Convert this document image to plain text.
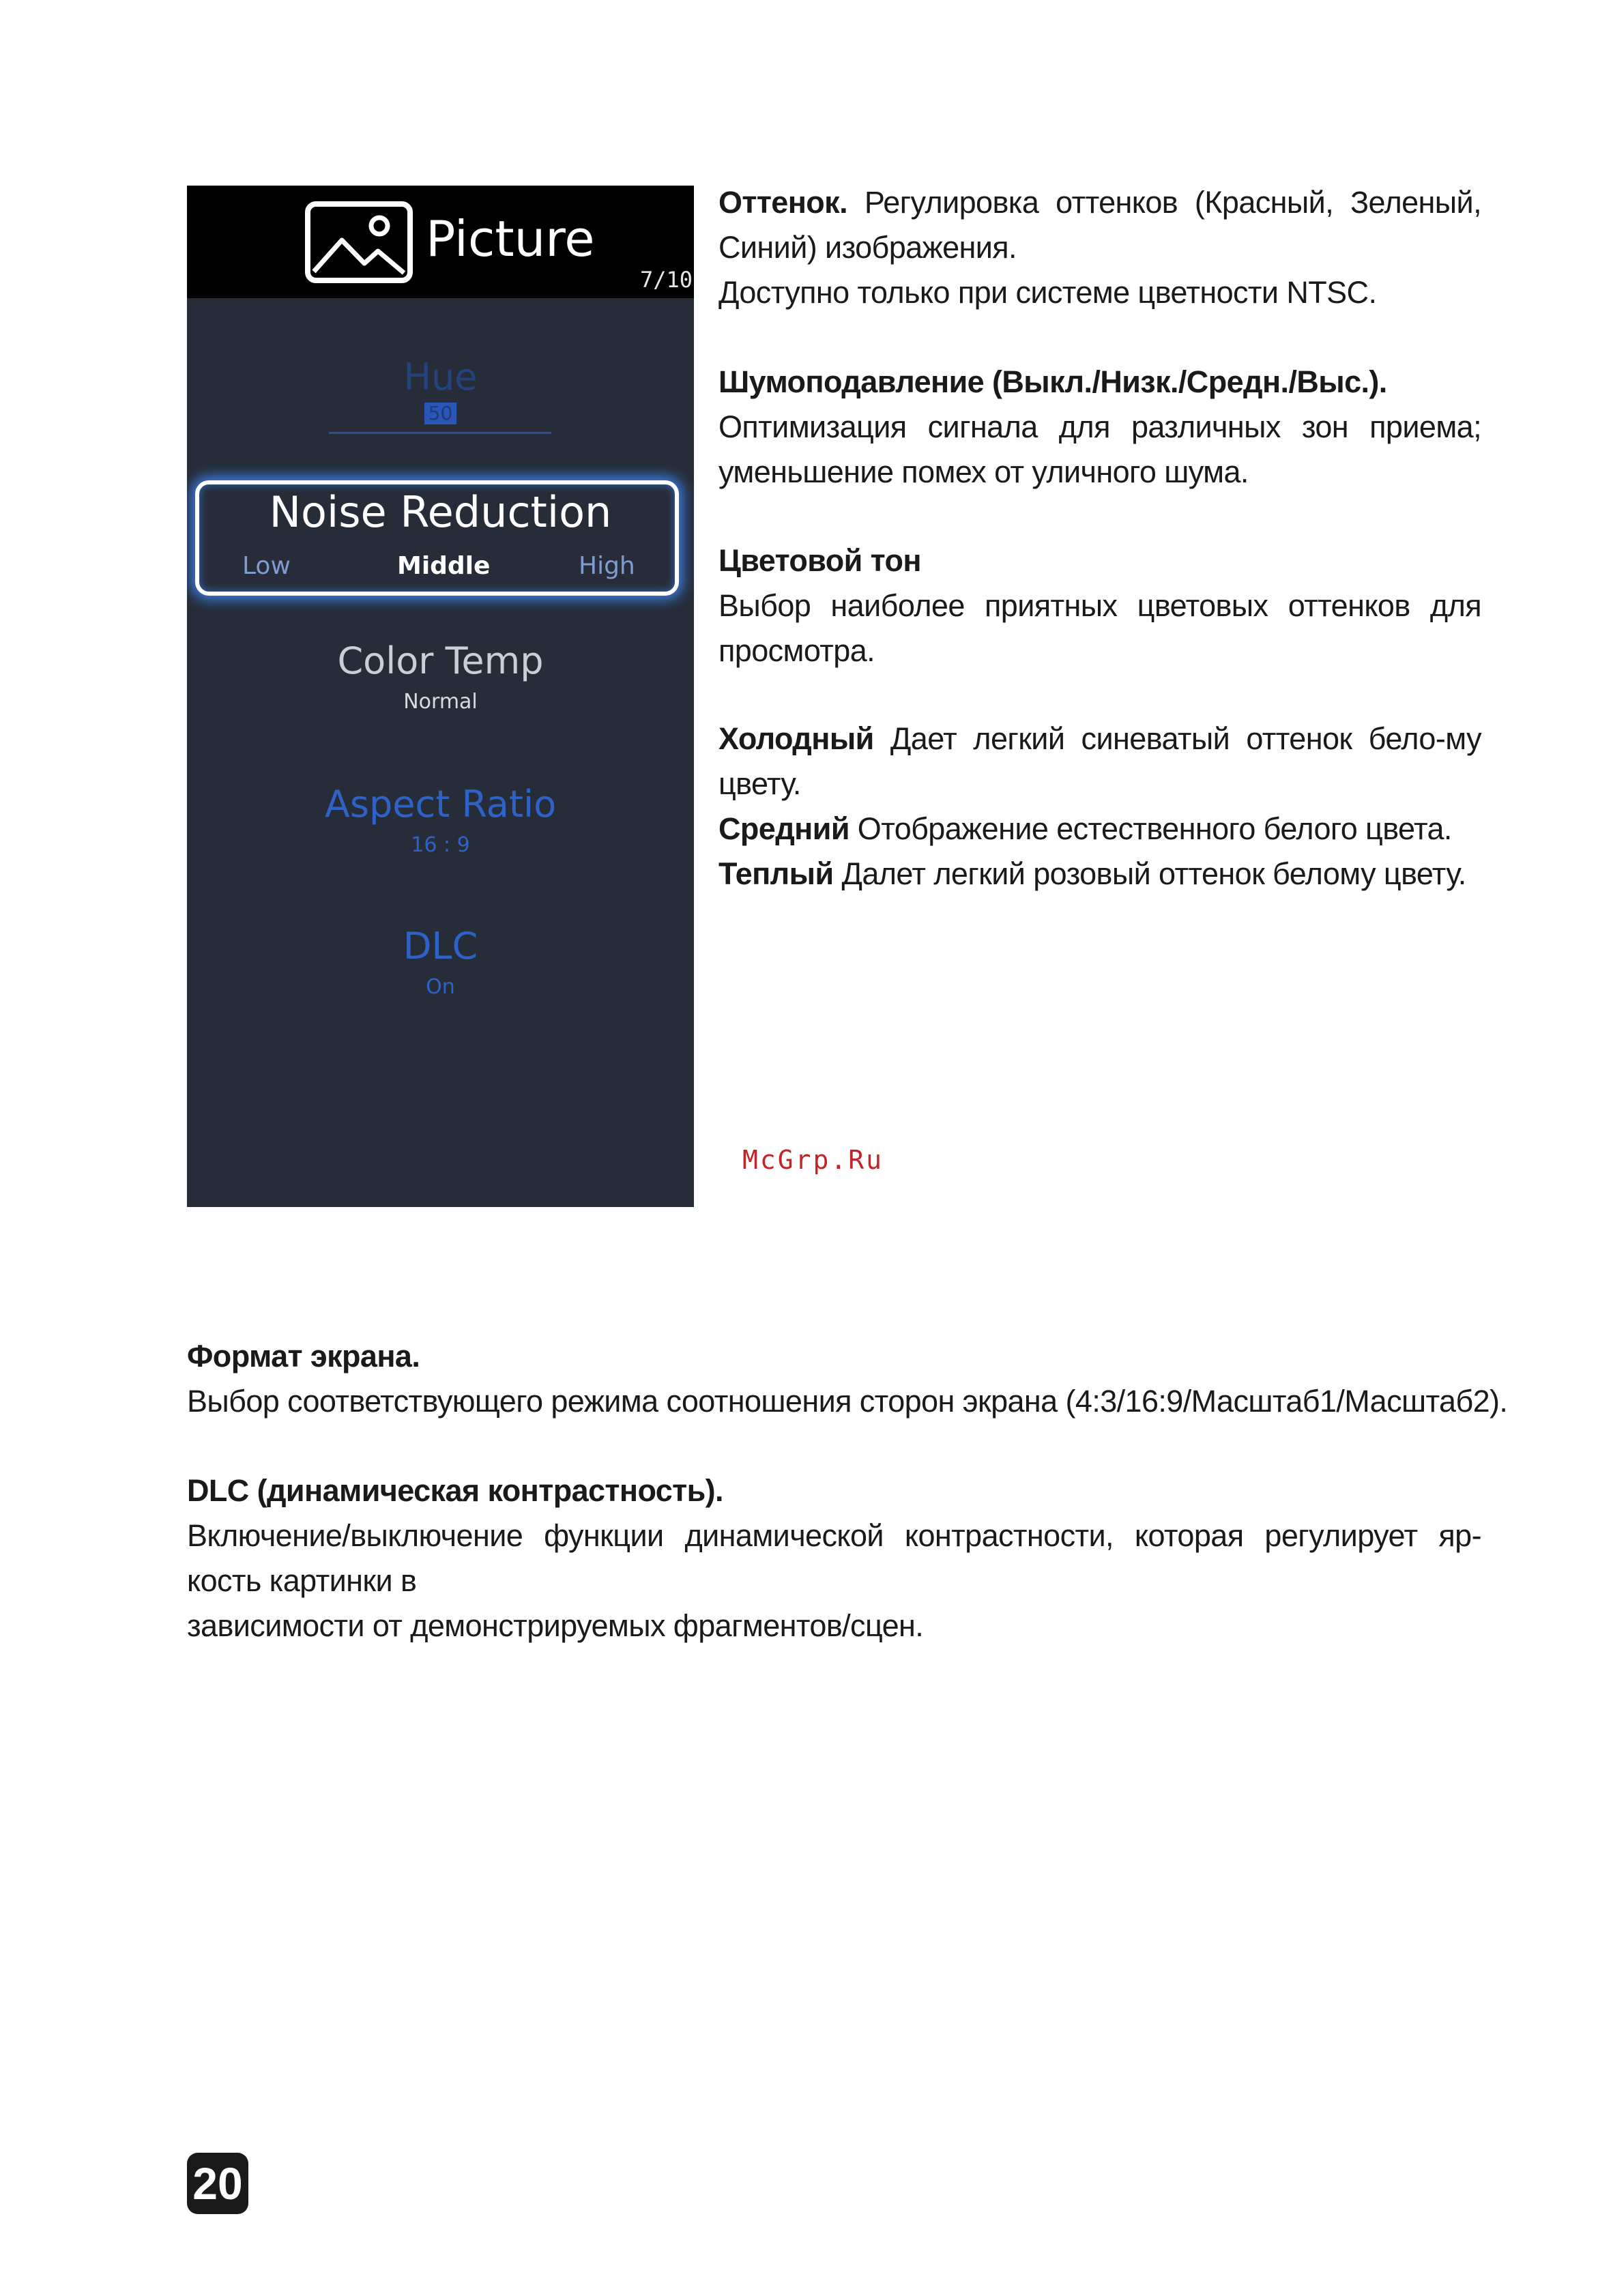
Picture
7/10
Hue
50
Noise Reduction
Low	Middle	High
Color Temp
Normal
Aspect Ratio
16 : 9
DLC
On
Оттенок. Регулировка оттенков (Красный, Зеленый, Синий) изображения.
Доступно только при системе цветности NTSC.
Шумоподавление (Выкл./Низк./Средн./Выс.).
Оптимизация сигнала для различных зон приема; уменьшение помех от уличного шума.
Цветовой тон
Выбор наиболее приятных цветовых оттенков для просмотра.
Холодный Дает легкий синеватый оттенок бело-му цвету.
Средний Отображение естественного белого цвета.
Теплый Далет легкий розовый оттенок белому цвету.
McGrp.Ru
Формат экрана.
Выбор соответствующего режима соотношения сторон экрана (4:3/16:9/Масштаб1/Масштаб2).
DLC (динамическая контрастность).
Включение/выключение функции динамической контрастности, которая регулирует яр-
кость картинки в
зависимости от демонстрируемых фрагментов/сцен.
20
